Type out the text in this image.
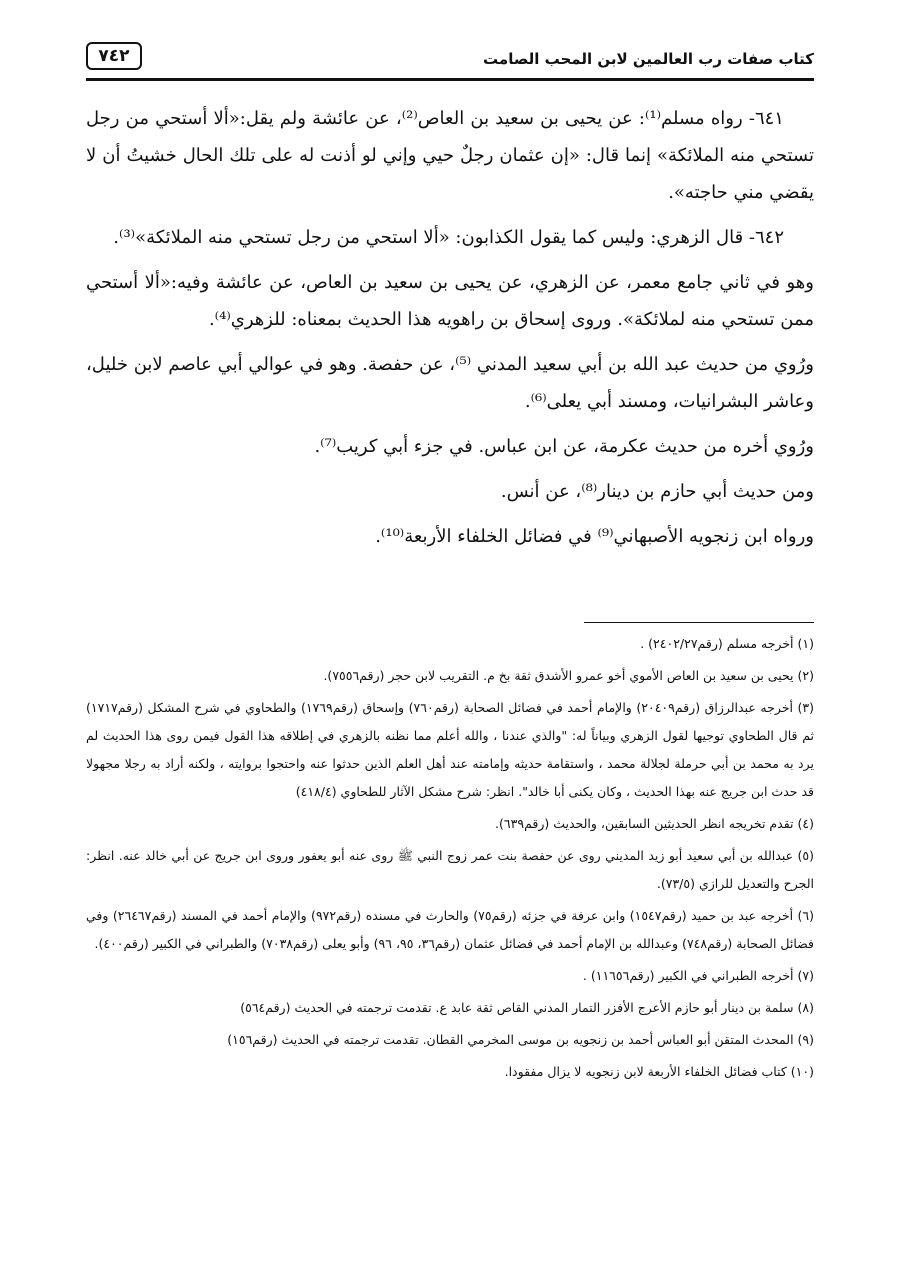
كتاب صفات رب العالمين لابن المحب الصامت
٧٤٢

٦٤١- رواه مسلم⁽¹⁾: عن يحيى بن سعيد بن العاص⁽²⁾، عن عائشة ولم يقل:«ألا أستحي من رجل تستحي منه الملائكة» إنما قال: «إن عثمان رجلٌ حيي وإني لو أذنت له على تلك الحال خشيتُ أن لا يقضي مني حاجته».

٦٤٢- قال الزهري: وليس كما يقول الكذابون: «ألا استحي من رجل تستحي منه الملائكة»⁽³⁾.

وهو في ثاني جامع معمر، عن الزهري، عن يحيى بن سعيد بن العاص، عن عائشة وفيه:«ألا أستحي ممن تستحي منه لملائكة». وروى إسحاق بن راهويه هذا الحديث بمعناه: للزهري⁽⁴⁾.

ورُوي من حديث عبد الله بن أبي سعيد المدني ⁽⁵⁾، عن حفصة. وهو في عوالي أبي عاصم لابن خليل، وعاشر البشرانيات، ومسند أبي يعلى⁽⁶⁾.

ورُوي أخره من حديث عكرمة، عن ابن عباس. في جزء أبي كريب⁽⁷⁾.

ومن حديث أبي حازم بن دينار⁽⁸⁾، عن أنس.

ورواه ابن زنجويه الأصبهاني⁽⁹⁾ في فضائل الخلفاء الأربعة⁽¹⁰⁾.

(١) أخرجه مسلم (رقم٢٤٠٢/٢٧) .

(٢) يحيى بن سعيد بن العاص الأموي أخو عمرو الأشدق ثقة بخ م. التقريب لابن حجر (رقم٧٥٥٦).

(٣) أخرجه عبدالرزاق (رقم٢٠٤٠٩) والإمام أحمد في فضائل الصحابة (رقم٧٦٠) وإسحاق (رقم١٧٦٩) والطحاوي في شرح المشكل (رقم١٧١٧) ثم قال الطحاوي توجيها لقول الزهري وبياناً له: "والذي عندنا ، والله أعلم مما نظنه بالزهري في إطلاقه هذا القول فيمن روى هذا الحديث لم يرد به محمد بن أبي حرملة لجلالة محمد ، واستقامة حديثه وإمامته عند أهل العلم الذين حدثوا عنه واحتجوا بروايته ، ولكنه أراد به رجلا مجهولا قد حدث ابن جريج عنه بهذا الحديث ، وكان يكنى أبا خالد". انظر: شرح مشكل الآثار للطحاوي (٤١٨/٤)

(٤) تقدم تخريجه انظر الحديثين السابقين، والحديث (رقم٦٣٩).

(٥) عبدالله بن أبي سعيد أبو زيد المديني روى عن حفصة بنت عمر زوج النبي ﷺ روى عنه أبو يعفور وروى ابن جريج عن أبي خالد عنه. انظر: الجرح والتعديل للرازي (٧٣/٥).

(٦) أخرجه عبد بن حميد (رقم١٥٤٧) وابن عرفة في جزئه (رقم٧٥) والحارث في مسنده (رقم٩٧٢) والإمام أحمد في المسند (رقم٢٦٤٦٧) وفي فضائل الصحابة (رقم٧٤٨) وعبدالله بن الإمام أحمد في فضائل عثمان (رقم٣٦، ٩٥، ٩٦) وأبو يعلى (رقم٧٠٣٨) والطبراني في الكبير (رقم٤٠٠).

(٧) أخرجه الطبراني في الكبير (رقم١١٦٥٦) .

(٨) سلمة بن دينار أبو حازم الأعرج الأفزر التمار المدني القاص ثقة عابد ع. تقدمت ترجمته في الحديث (رقم٥٦٤)

(٩) المحدث المتقن أبو العباس أحمد بن زنجويه بن موسى المخرمي القطان. تقدمت ترجمته في الحديث (رقم١٥٦)

(١٠) كتاب فضائل الخلفاء الأربعة لابن زنجويه لا يزال مفقودا.
